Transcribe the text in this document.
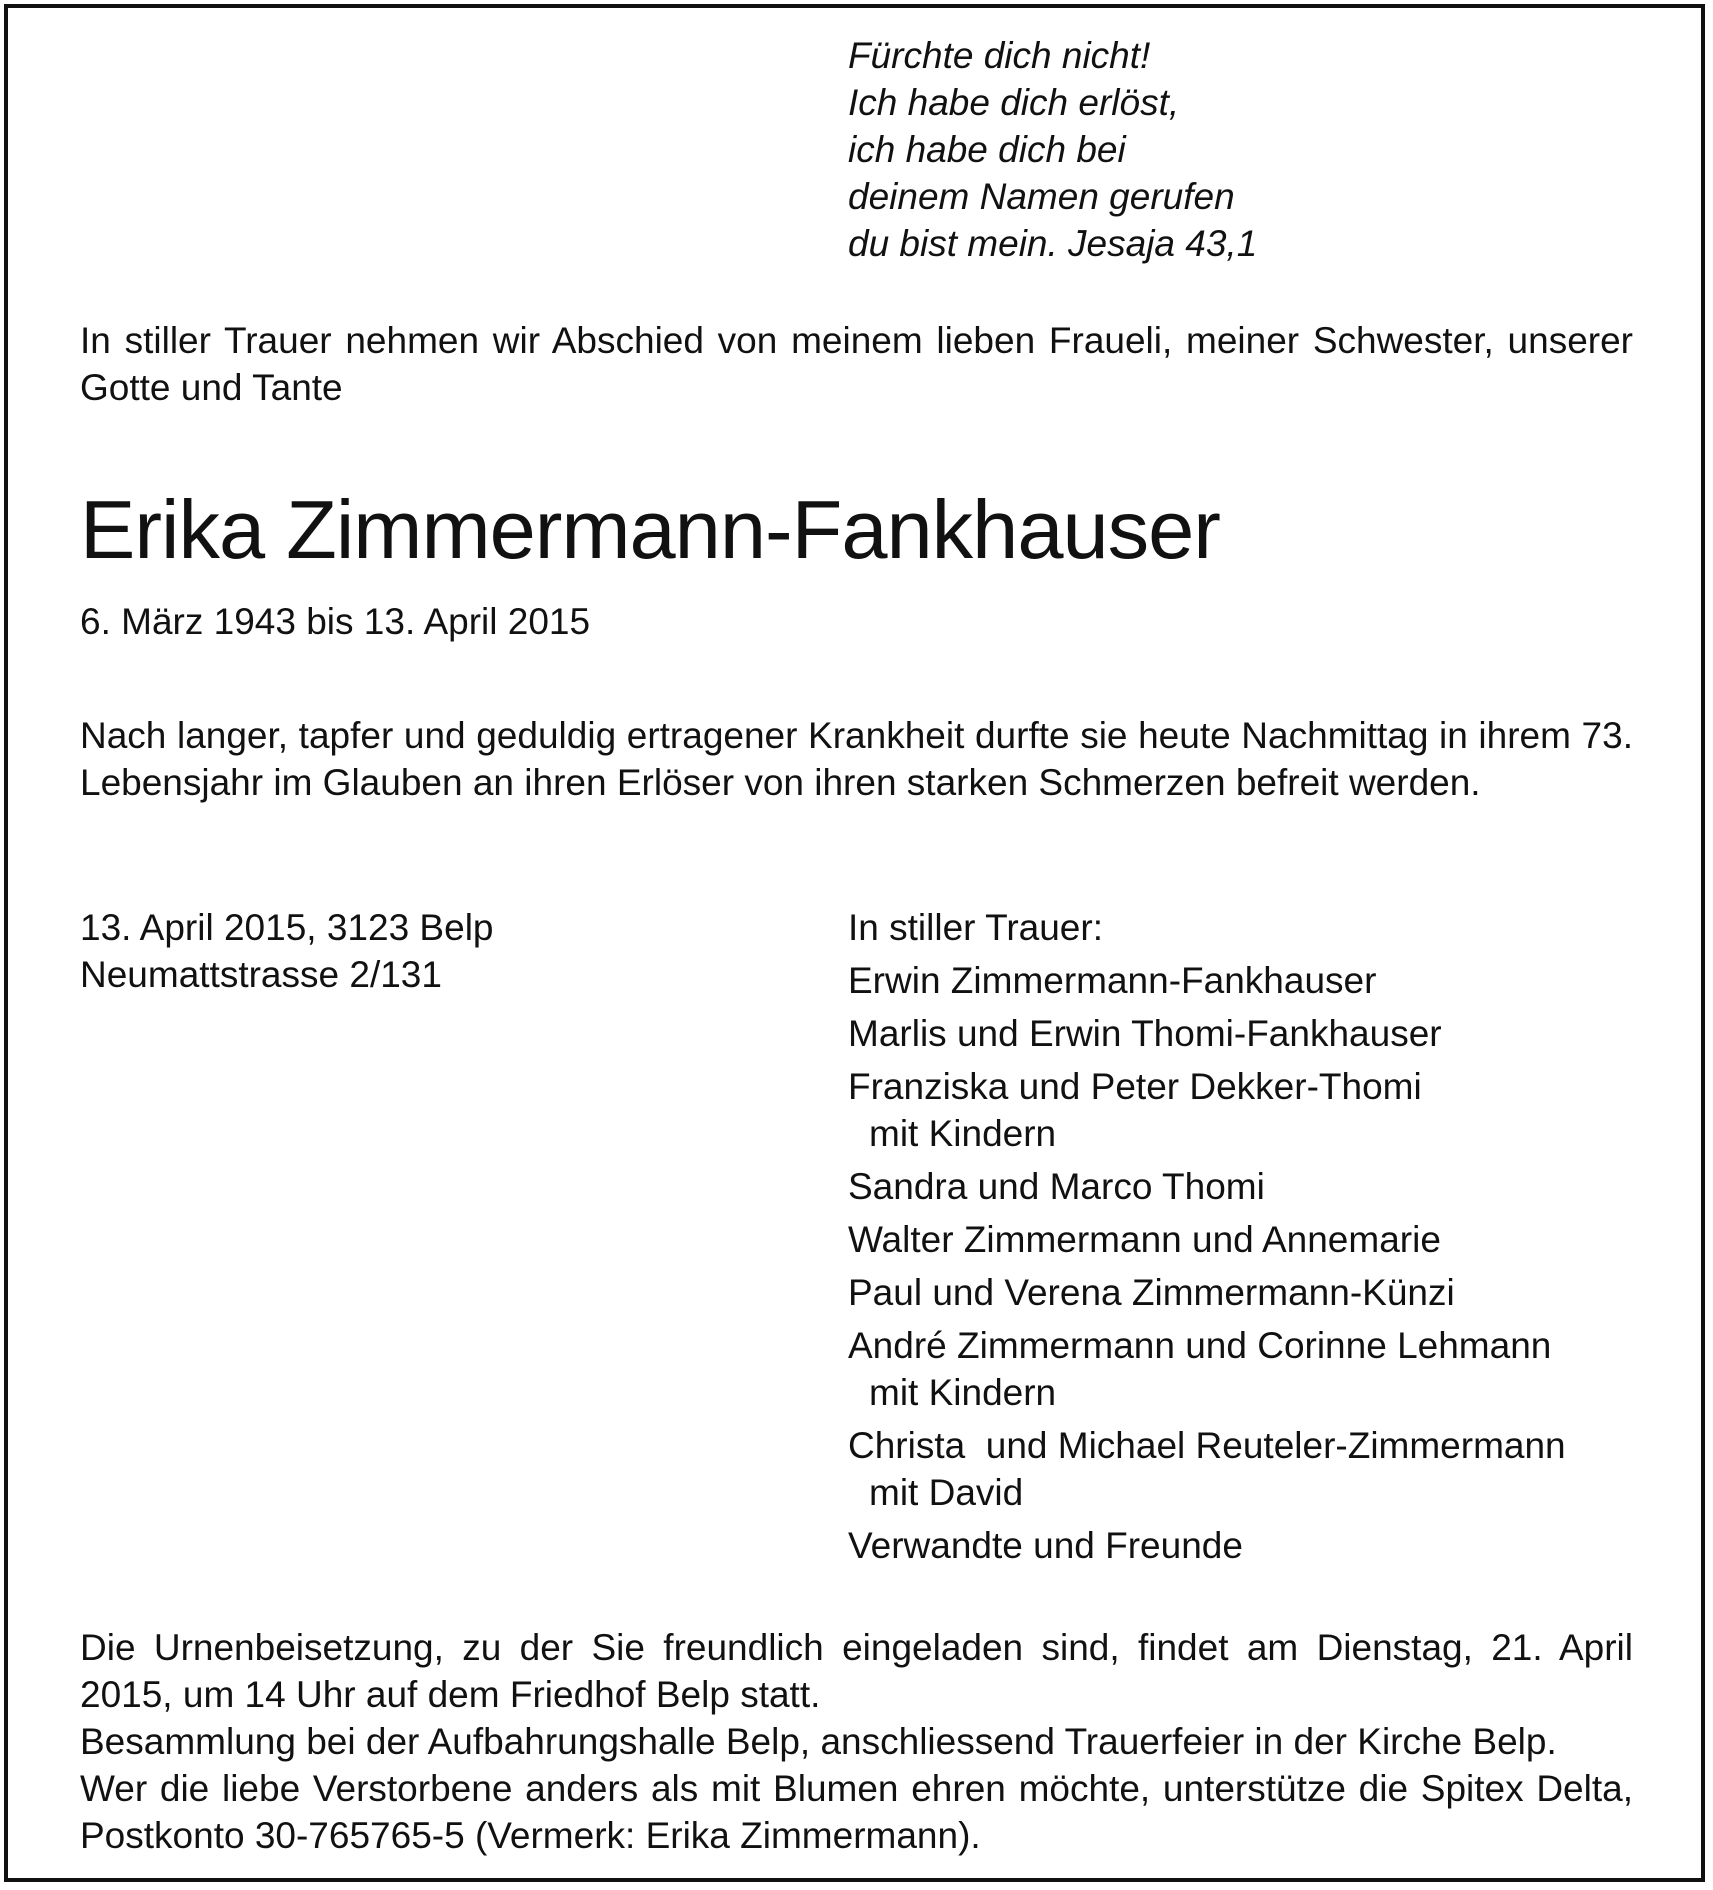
Fürchte dich nicht!
Ich habe dich erlöst,
ich habe dich bei
deinem Namen gerufen
du bist mein. Jesaja 43,1
In stiller Trauer nehmen wir Abschied von meinem lieben Fraueli, meiner Schwester, unserer Gotte und Tante
Erika Zimmermann-Fankhauser
6. März 1943 bis 13. April 2015
Nach langer, tapfer und geduldig ertragener Krankheit durfte sie heute Nachmittag in ihrem 73. Lebensjahr im Glauben an ihren Erlöser von ihren starken Schmerzen befreit werden.
13. April 2015, 3123 Belp
Neumattstrasse 2/131
In stiller Trauer:
Erwin Zimmermann-Fankhauser
Marlis und Erwin Thomi-Fankhauser
Franziska und Peter Dekker-Thomi
mit Kindern
Sandra und Marco Thomi
Walter Zimmermann und Annemarie
Paul und Verena Zimmermann-Künzi
André Zimmermann und Corinne Lehmann
mit Kindern
Christa  und Michael Reuteler-Zimmermann
mit David
Verwandte und Freunde
Die Urnenbeisetzung, zu der Sie freundlich eingeladen sind, findet am Dienstag, 21. April 2015, um 14 Uhr auf dem Friedhof Belp statt.
Besammlung bei der Aufbahrungshalle Belp, anschliessend Trauerfeier in der Kirche Belp.
Wer die liebe Verstorbene anders als mit Blumen ehren möchte, unterstütze die Spitex Delta, Postkonto 30-765765-5 (Vermerk: Erika Zimmermann).
